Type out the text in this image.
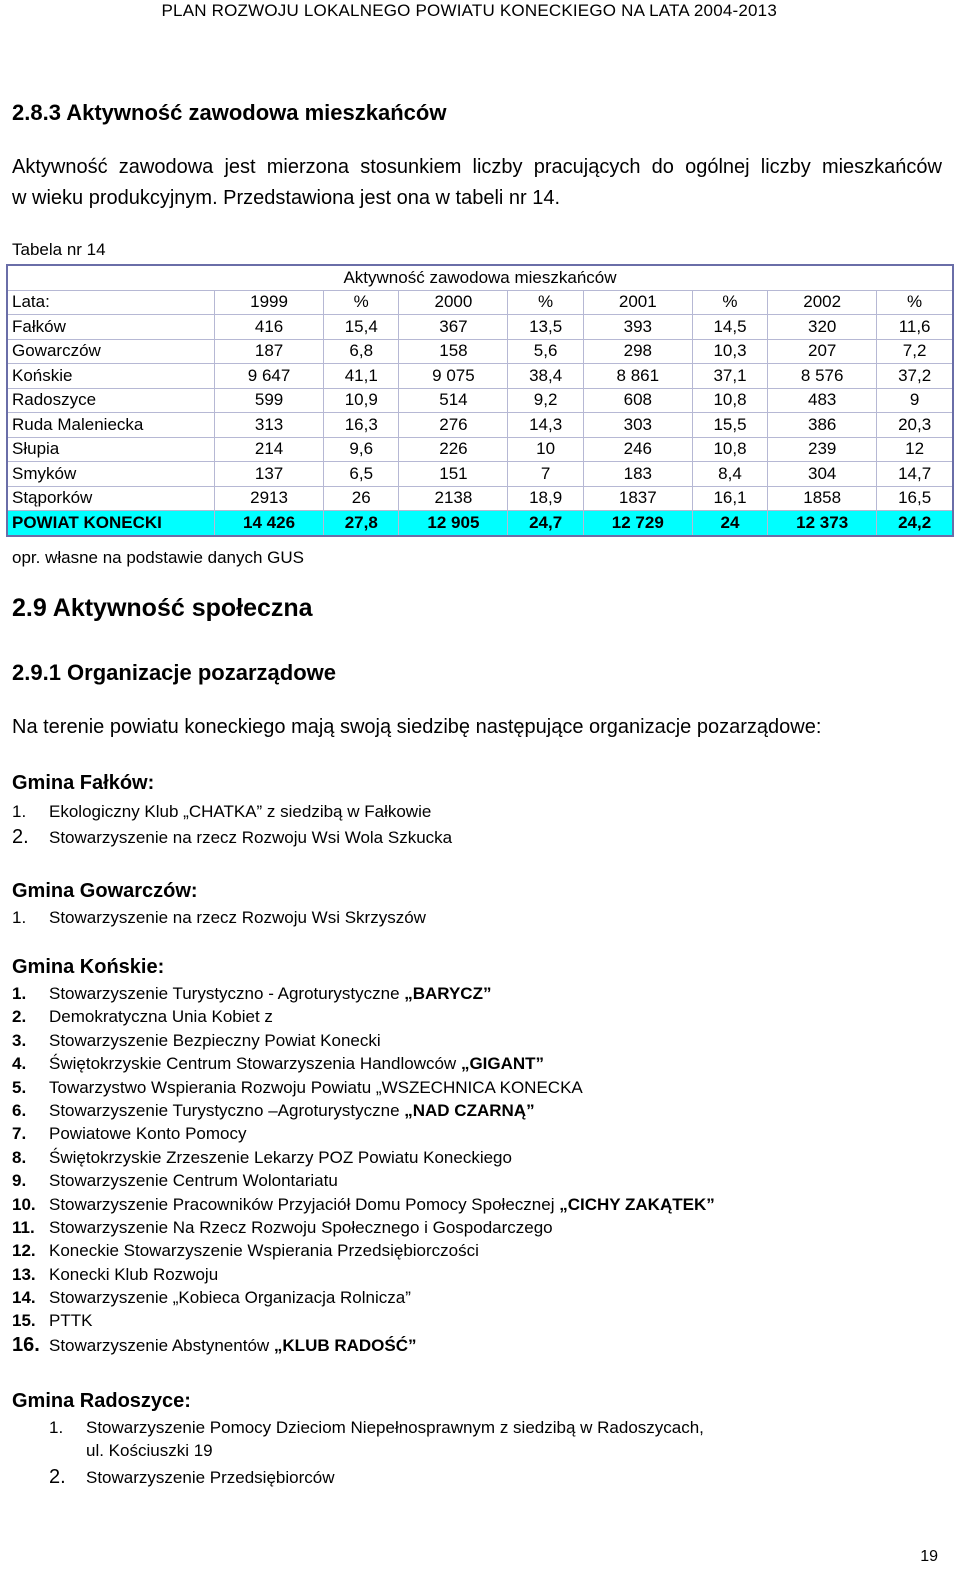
PLAN ROZWOJU LOKALNEGO POWIATU KONECKIEGO NA LATA 2004-2013
2.8.3 Aktywność zawodowa mieszkańców
Aktywność zawodowa jest mierzona stosunkiem liczby pracujących do ogólnej liczby mieszkańców
w wieku produkcyjnym. Przedstawiona jest ona w tabeli nr 14.
Tabela nr 14
Aktywność zawodowa mieszkańców								
Lata:	1999	%	2000	%	2001	%	2002	%
Fałków	416	15,4	367	13,5	393	14,5	320	11,6
Gowarczów	187	6,8	158	5,6	298	10,3	207	7,2
Końskie	9 647	41,1	9 075	38,4	8 861	37,1	8 576	37,2
Radoszyce	599	10,9	514	9,2	608	10,8	483	9
Ruda Maleniecka	313	16,3	276	14,3	303	15,5	386	20,3
Słupia	214	9,6	226	10	246	10,8	239	12
Smyków	137	6,5	151	7	183	8,4	304	14,7
Stąporków	2913	26	2138	18,9	1837	16,1	1858	16,5
POWIAT KONECKI	14 426	27,8	12 905	24,7	12 729	24	12 373	24,2
opr. własne na podstawie danych GUS
2.9 Aktywność społeczna
2.9.1 Organizacje pozarządowe
Na terenie powiatu koneckiego mają swoją siedzibę następujące organizacje pozarządowe:
Gmina Fałków:
1. Ekologiczny Klub „CHATKA” z siedzibą w Fałkowie
2. Stowarzyszenie na rzecz Rozwoju Wsi Wola Szkucka
Gmina Gowarczów:
1. Stowarzyszenie na rzecz Rozwoju Wsi Skrzyszów
Gmina Końskie:
1. Stowarzyszenie Turystyczno - Agroturystyczne „BARYCZ”
2. Demokratyczna Unia Kobiet z
3. Stowarzyszenie Bezpieczny Powiat Konecki
4. Świętokrzyskie Centrum Stowarzyszenia Handlowców „GIGANT”
5. Towarzystwo Wspierania Rozwoju Powiatu „WSZECHNICA KONECKA
6. Stowarzyszenie Turystyczno –Agroturystyczne „NAD CZARNĄ”
7. Powiatowe Konto Pomocy
8. Świętokrzyskie Zrzeszenie Lekarzy POZ Powiatu Koneckiego
9. Stowarzyszenie Centrum Wolontariatu
10. Stowarzyszenie Pracowników Przyjaciół Domu Pomocy Społecznej „CICHY ZAKĄTEK”
11. Stowarzyszenie Na Rzecz Rozwoju Społecznego i Gospodarczego
12. Koneckie Stowarzyszenie Wspierania Przedsiębiorczości
13. Konecki Klub Rozwoju
14. Stowarzyszenie „Kobieca Organizacja Rolnicza”
15. PTTK
16. Stowarzyszenie Abstynentów „KLUB RADOŚĆ”
Gmina Radoszyce:
1. Stowarzyszenie Pomocy Dzieciom Niepełnosprawnym z siedzibą w Radoszycach,
ul. Kościuszki 19
2. Stowarzyszenie Przedsiębiorców
19
